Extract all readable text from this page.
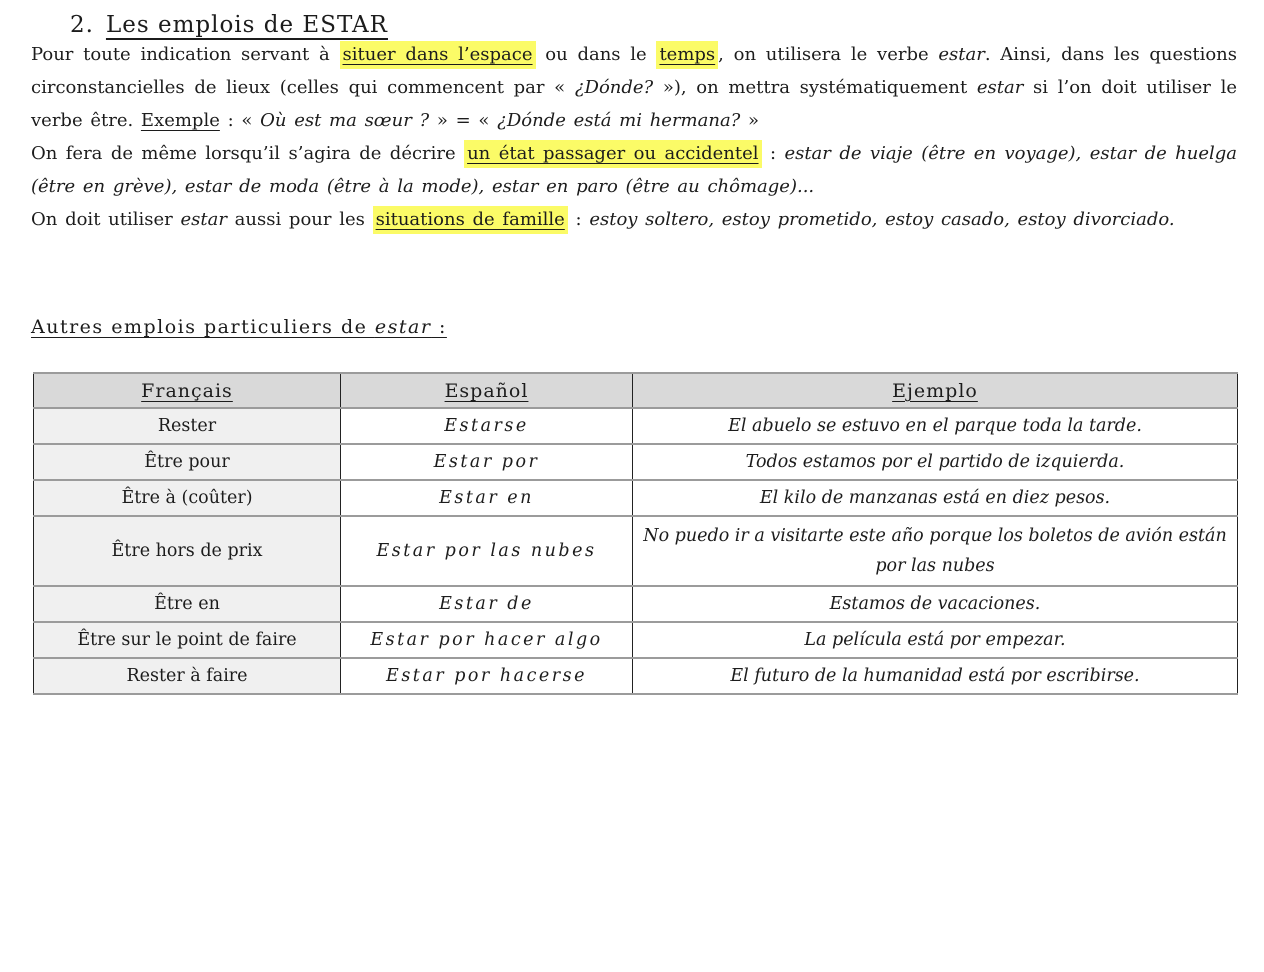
2. Les emplois de ESTAR

Pour toute indication servant à situer dans l’espace ou dans le temps , on utilisera le verbe estar. Ainsi, dans les questions circonstancielles de lieux (celles qui commencent par « ¿Dónde? »), on mettra systématiquement estar si l’on doit utiliser le verbe être. Exemple : « Où est ma sœur ? » = « ¿Dónde está mi hermana? »

On fera de même lorsqu’il s’agira de décrire un état passager ou accidentel : estar de viaje (être en voyage), estar de huelga (être en grève), estar de moda (être à la mode), estar en paro (être au chômage)...

On doit utiliser estar aussi pour les situations de famille : estoy soltero, estoy prometido, estoy casado, estoy divorciado.

Autres emplois particuliers de estar :
Français	Español	Ejemplo
Rester	Estarse	El abuelo se estuvo en el parque toda la tarde.
Être pour	Estar por	Todos estamos por el partido de izquierda.
Être à (coûter)	Estar en	El kilo de manzanas está en diez pesos.
Être hors de prix	Estar por las nubes	No puedo ir a visitarte este año porque los boletos de avión están por las nubes
Être en	Estar de	Estamos de vacaciones.
Être sur le point de faire	Estar por hacer algo	La película está por empezar.
Rester à faire	Estar por hacerse	El futuro de la humanidad está por escribirse.
